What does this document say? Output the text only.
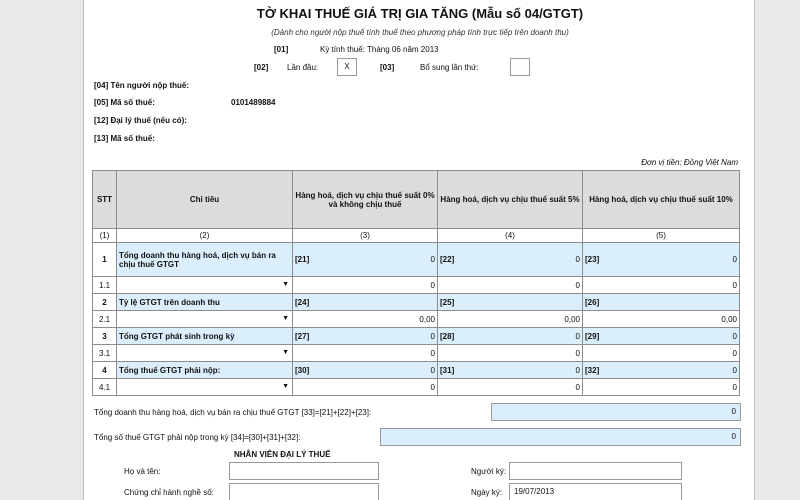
TỜ KHAI THUẾ GIÁ TRỊ GIA TĂNG (Mẫu số 04/GTGT)
(Dành cho người nộp thuế tính thuế theo phương pháp tính trực tiếp trên doanh thu)
[01]	Kỳ tính thuế: Tháng 06 năm 2013
[02] Lần đầu:	X	[03]	Bổ sung lần thứ:
[04] Tên người nộp thuế:
[05] Mã số thuế:	0101489884
[12] Đại lý thuế (nếu có):
[13] Mã số thuế:
Đơn vị tiền: Đồng Việt Nam
STT	Chỉ tiêu	Hàng hoá, dịch vụ chịu thuế suất 0% và không chịu thuế	Hàng hoá, dịch vụ chịu thuế suất 5%	Hàng hoá, dịch vụ chịu thuế suất 10%
(1)	(2)	(3)	(4)	(5)
1	Tổng doanh thu hàng hoá, dịch vụ bán ra chịu thuế GTGT	[21] 0	[22] 0	[23] 0

1.1	▼	0	0	0

2	Tỷ lệ GTGT trên doanh thu	[24]	[25]	[26]
2.1	▼	0,00	0,00	0,00

3	Tổng GTGT phát sinh trong kỳ	[27] 0	[28] 0	[29] 0

3.1	▼	0	0	0

4	Tổng thuế GTGT phải nộp:	[30] 0	[31] 0	[32] 0

4.1	▼	0	0	0
Tổng doanh thu hàng hoá, dịch vụ bán ra chịu thuế GTGT [33]=[21]+[22]+[23]:	0
Tổng số thuế GTGT phải nộp trong kỳ [34]=[30]+[31]+[32]:	0
NHÂN VIÊN ĐẠI LÝ THUẾ
Họ và tên:	Người ký:
Chứng chỉ hành nghề số:	Ngày ký:	19/07/2013
